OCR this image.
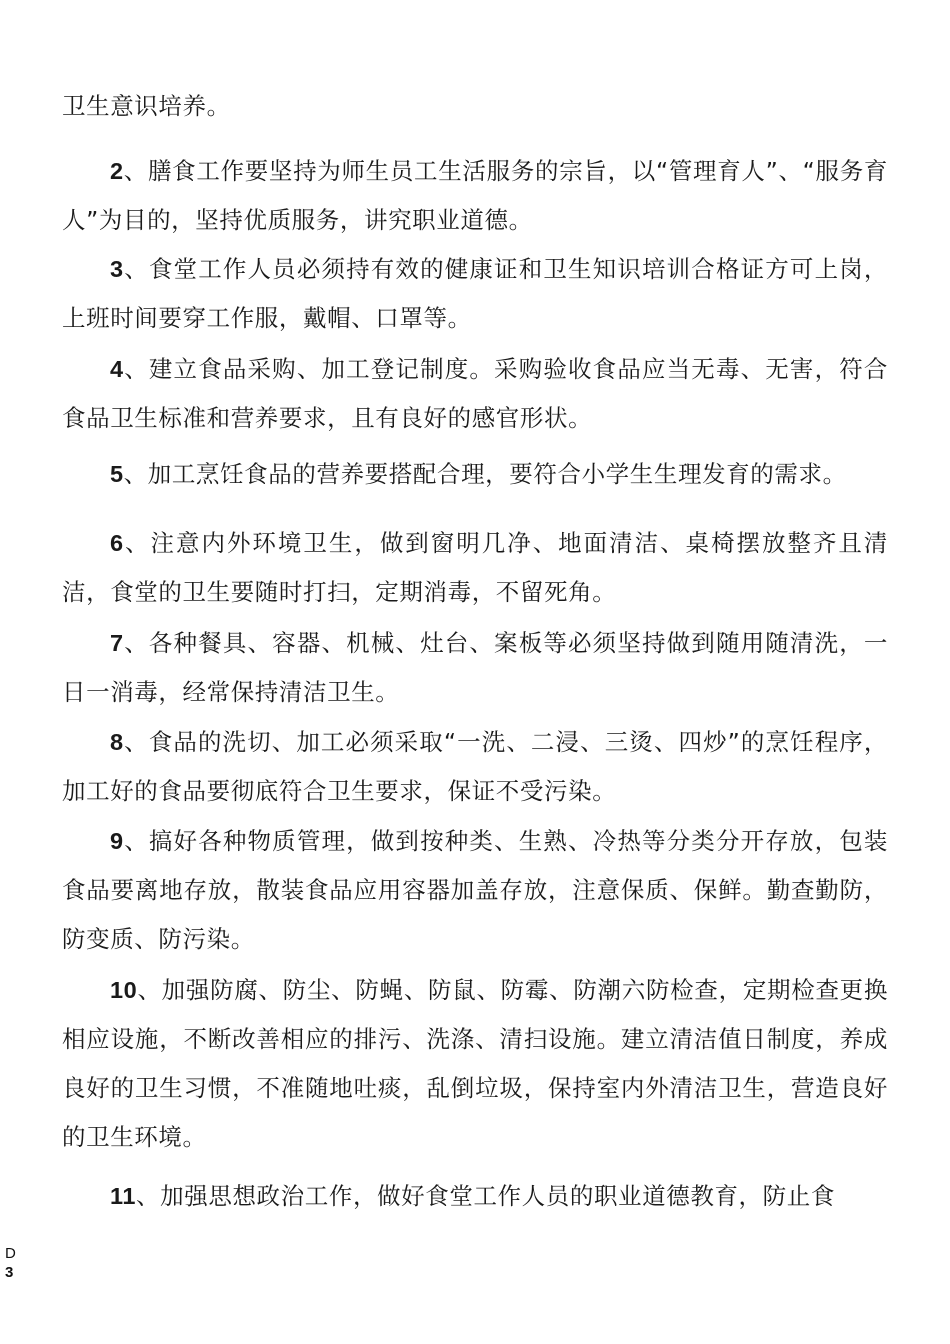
卫生意识培养。

2、膳食工作要坚持为师生员工生活服务的宗旨，以“管理育人”、“服务育人”为目的，坚持优质服务，讲究职业道德。

3、食堂工作人员必须持有效的健康证和卫生知识培训合格证方可上岗，上班时间要穿工作服，戴帽、口罩等。

4、建立食品采购、加工登记制度。采购验收食品应当无毒、无害，符合食品卫生标准和营养要求，且有良好的感官形状。

5、加工烹饪食品的营养要搭配合理，要符合小学生生理发育的需求。

6、注意内外环境卫生，做到窗明几净、地面清洁、桌椅摆放整齐且清洁，食堂的卫生要随时打扫，定期消毒，不留死角。

7、各种餐具、容器、机械、灶台、案板等必须坚持做到随用随清洗，一日一消毒，经常保持清洁卫生。

8、食品的洗切、加工必须采取“一洗、二浸、三烫、四炒”的烹饪程序，加工好的食品要彻底符合卫生要求，保证不受污染。

9、搞好各种物质管理，做到按种类、生熟、冷热等分类分开存放，包装食品要离地存放，散装食品应用容器加盖存放，注意保质、保鲜。勤查勤防，防变质、防污染。

10、加强防腐、防尘、防蝇、防鼠、防霉、防潮六防检查，定期检查更换相应设施，不断改善相应的排污、洗涤、清扫设施。建立清洁值日制度，养成良好的卫生习惯，不准随地吐痰，乱倒垃圾，保持室内外清洁卫生，营造良好的卫生环境。

11、加强思想政治工作，做好食堂工作人员的职业道德教育，防止食

D
3
